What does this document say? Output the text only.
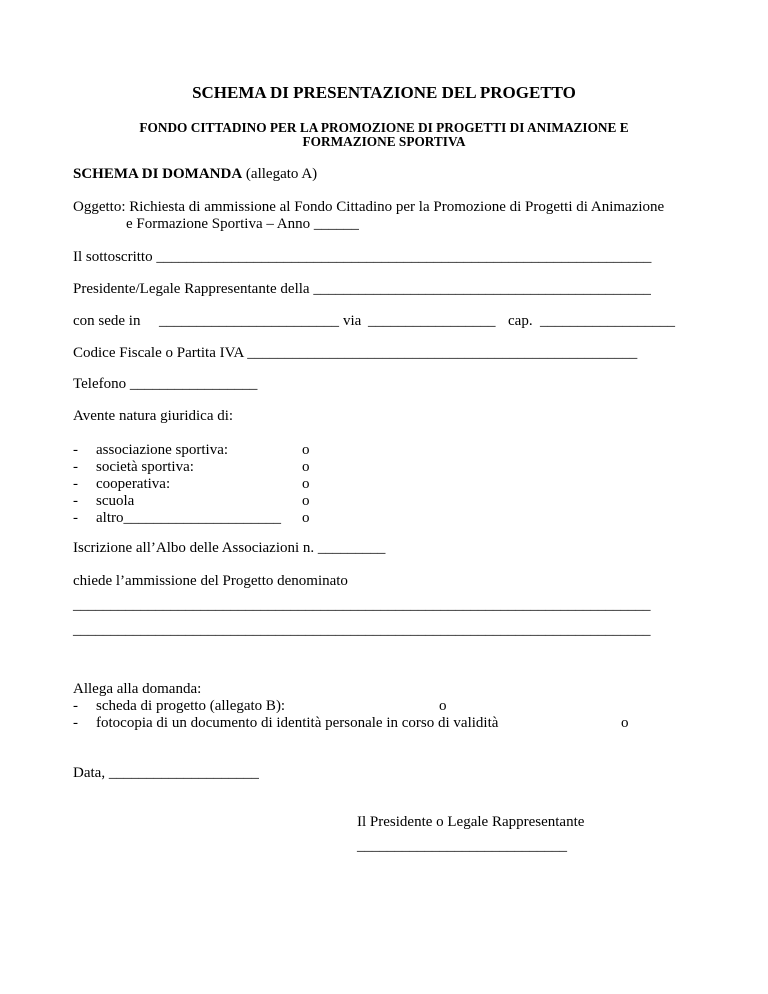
SCHEMA DI PRESENTAZIONE DEL PROGETTO
FONDO CITTADINO PER LA PROMOZIONE DI PROGETTI DI ANIMAZIONE E
FORMAZIONE SPORTIVA
SCHEMA DI DOMANDA (allegato A)
Oggetto: Richiesta di ammissione al Fondo Cittadino per la Promozione di Progetti di Animazione
e Formazione Sportiva – Anno ______
Il sottoscritto __________________________________________________________________
Presidente/Legale Rappresentante della _____________________________________________
con sede in ________________________ via _________________ cap. __________________
Codice Fiscale o Partita IVA ____________________________________________________
Telefono _________________
Avente natura giuridica di:
- associazione sportiva:	o
- società sportiva:	o
- cooperativa:	o
- scuola	o
- altro_____________________ o
Iscrizione all’Albo delle Associazioni n. _________
chiede l’ammissione del Progetto denominato
_____________________________________________________________________________
_____________________________________________________________________________
Allega alla domanda:
- scheda di progetto (allegato B):	o
- fotocopia di un documento di identità personale in corso di validità	o
Data, ____________________
Il Presidente o Legale Rappresentante
____________________________
